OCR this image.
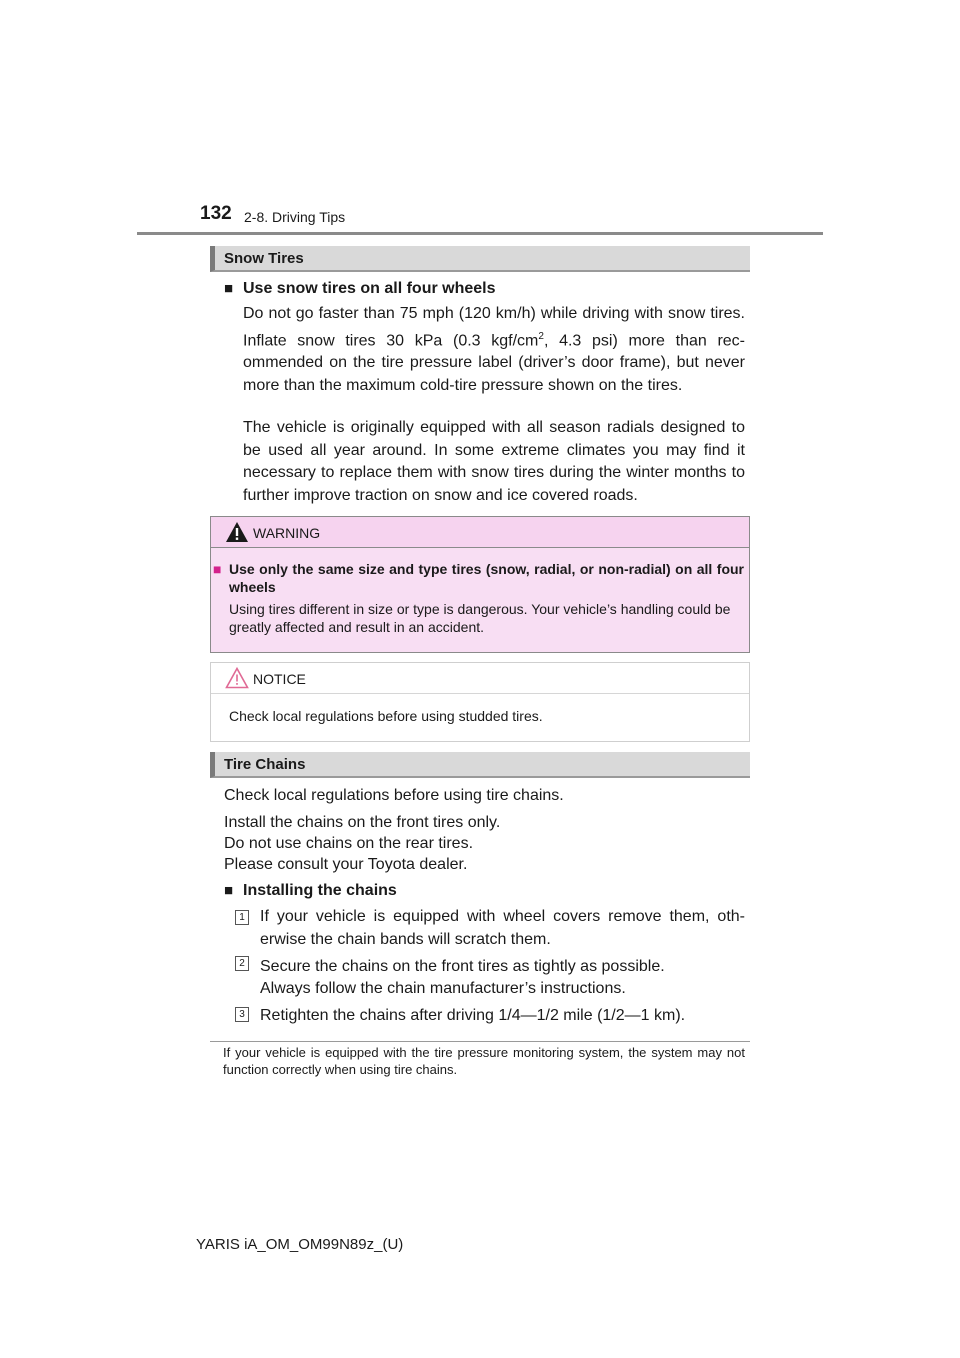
132 2-8. Driving Tips
Snow Tires
■ Use snow tires on all four wheels
Do not go faster than 75 mph (120 km/h) while driving with snow tires. Inflate snow tires 30 kPa (0.3 kgf/$cm^2$, 4.3 psi) more than rec-ommended on the tire pressure label (driver’s door frame), but never more than the maximum cold-tire pressure shown on the tires.
The vehicle is originally equipped with all season radials designed to be used all year around. In some extreme climates you may find it necessary to replace them with snow tires during the winter months to further improve traction on snow and ice covered roads.
WARNING
■ Use only the same size and type tires (snow, radial, or non-radial) on all four wheels
Using tires different in size or type is dangerous. Your vehicle’s handling could be greatly affected and result in an accident.
NOTICE
Check local regulations before using studded tires.
Tire Chains
Check local regulations before using tire chains.
Install the chains on the front tires only.
Do not use chains on the rear tires.
Please consult your Toyota dealer.
■ Installing the chains
1 If your vehicle is equipped with wheel covers remove them, oth-erwise the chain bands will scratch them.
2 Secure the chains on the front tires as tightly as possible.
Always follow the chain manufacturer’s instructions.
3 Retighten the chains after driving 1/4—1/2 mile (1/2—1 km).
If your vehicle is equipped with the tire pressure monitoring system, the system may not function correctly when using tire chains.
YARIS iA_OM_OM99N89z_(U)
